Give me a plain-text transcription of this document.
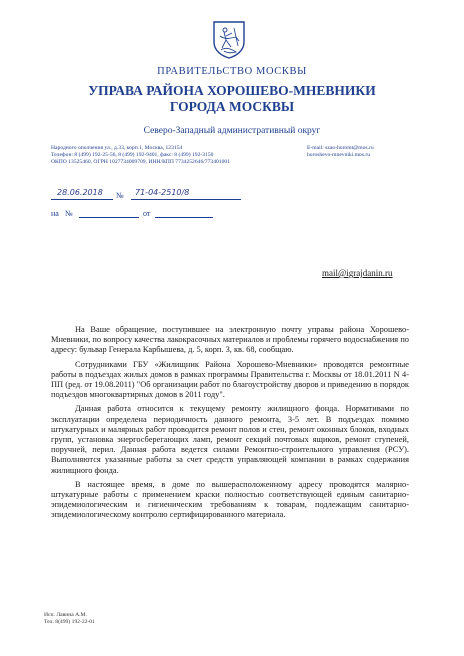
ПРАВИТЕЛЬСТВО МОСКВЫ
УПРАВА РАЙОНА ХОРОШЕВО-МНЕВНИКИ
ГОРОДА МОСКВЫ
Северо-Западный административный округ
Народного ополчения ул., д.33, корп.1, Москва, 123154
Телефон: 8 (499) 192-25-56, 8 (499) 192-9401, факс: 8 (499) 192-3150
ОКПО 13525460, ОГРН 1027734009709, ИНН/КПП 7734252646/773401001
E-mail: szao-horomt@mos.ru
horoshevo-mnevniki.mos.ru
28.06.2018	№ 71-04-2510/8
на №	от
mail@igrajdanin.ru

На Ваше обращение, поступившее на электронную почту управы района Хорошево-Мневники, по вопросу качества лакокрасочных материалов и проблемы горячего водоснабжения по адресу: бульвар Генерала Карбышева, д. 5, корп. 3, кв. 68, сообщаю.

Сотрудниками ГБУ «Жилищник Района Хорошево-Мневники» проводятся ремонтные работы в подъездах жилых домов в рамках программы Правительства г. Москвы от 18.01.2011 N 4-ПП (ред. от 19.08.2011) "Об организации работ по благоустройству дворов и приведению в порядок подъездов многоквартирных домов в 2011 году".

Данная работа относится к текущему ремонту жилищного фонда. Нормативами по эксплуатации определена периодичность данного ремонта, 3-5 лет. В подъездах помимо штукатурных и малярных работ проводится ремонт полов и стен, ремонт оконных блоков, входных групп, установка энергосберегающих ламп, ремонт секций почтовых ящиков, ремонт ступеней, поручней, перил. Данная работа ведется силами Ремонтно-строительного управления (РСУ). Выполняются указанные работы за счет средств управляющей компании в рамках содержания жилищного фонда.

В настоящее время, в доме по вышерасположенному адресу проводятся малярно-штукатурные работы с применением краски полностью соответствующей единым санитарно-эпидемиологическим и гигиеническим требованиям к товарам, подлежащим санитарно-эпидемиологическому контролю сертифицированного материала.

Исп. Лавина А.М.
Тел. 8(499) 192-22-01
